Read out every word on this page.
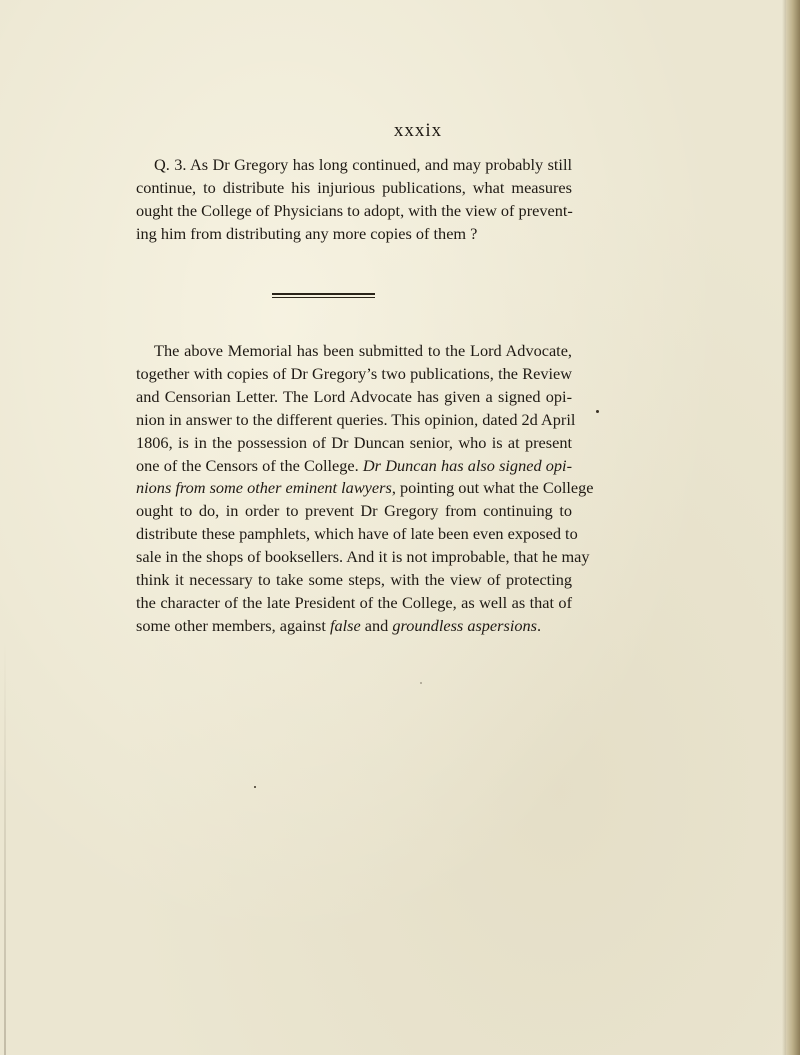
xxxix

Q. 3. As Dr Gregory has long continued, and may probably still
continue, to distribute his injurious publications, what measures
ought the College of Physicians to adopt, with the view of prevent-
ing him from distributing any more copies of them ?
The above Memorial has been submitted to the Lord Advocate,
together with copies of Dr Gregory’s two publications, the Review
and Censorian Letter. The Lord Advocate has given a signed opi-
nion in answer to the different queries. This opinion, dated 2d April
1806, is in the possession of Dr Duncan senior, who is at present
one of the Censors of the College. Dr Duncan has also signed opi-
nions from some other eminent lawyers, pointing out what the College
ought to do, in order to prevent Dr Gregory from continuing to
distribute these pamphlets, which have of late been even exposed to
sale in the shops of booksellers. And it is not improbable, that he may
think it necessary to take some steps, with the view of protecting
the character of the late President of the College, as well as that of
some other members, against false and groundless aspersions.
